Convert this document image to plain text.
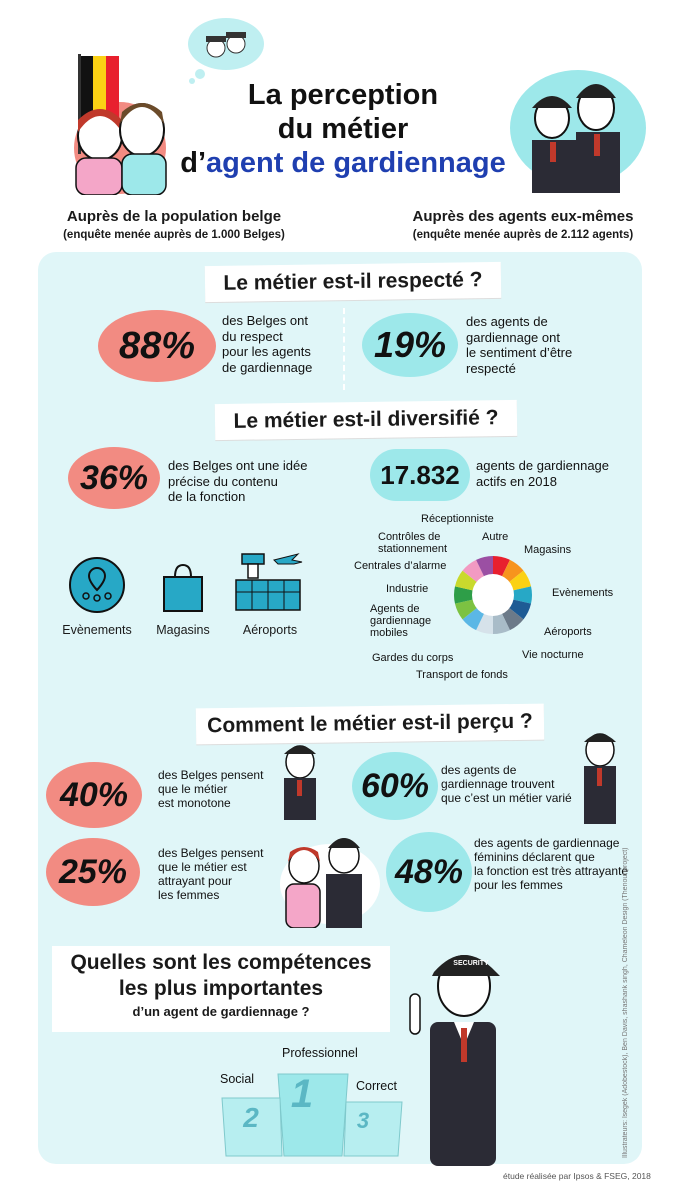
La perception
du métier
d’agent de gardiennage
Auprès de la population belge
(enquête menée auprès de 1.000 Belges)
Auprès des agents eux-mêmes
(enquête menée auprès de 2.112 agents)
Le métier est-il respecté ?
88%
des Belges ont
du respect
pour les agents
de gardiennage
19%
des agents de
gardiennage ont
le sentiment d’être
respecté
Le métier est-il diversifié ?
36%	des Belges ont une idée
précise du contenu
de la fonction
17.832	agents de gardiennage
actifs en 2018
Evènements	Magasins	Aéroports
Réceptionniste
Contrôles de
stationnement
Autre
Magasins
Centrales d’alarme
Evènements
Industrie
Agents de
gardiennage
mobiles	Aéroports
Gardes du corps	Vie nocturne
Transport de fonds
Comment le métier est-il perçu ?
40%
des Belges pensent
que le métier
est monotone	60% des agents de
gardiennage trouvent
que c’est un métier varié
25%	des Belges pensent
que le métier est
attrayant pour
les femmes
48%
des agents de gardiennage
féminins déclarent que
la fonction est très attrayante
pour les femmes
Quelles sont les compétences
les plus importantes
d’un agent de gardiennage ?
Professionnel
Social	Correct
1
2	3
SECURITY
étude réalisée par Ipsos & FSEG, 2018
Illustrateurs: lsegek (Adobestock), Ben Davis, shashank singh, Chameleon Design (Thenounproject)
